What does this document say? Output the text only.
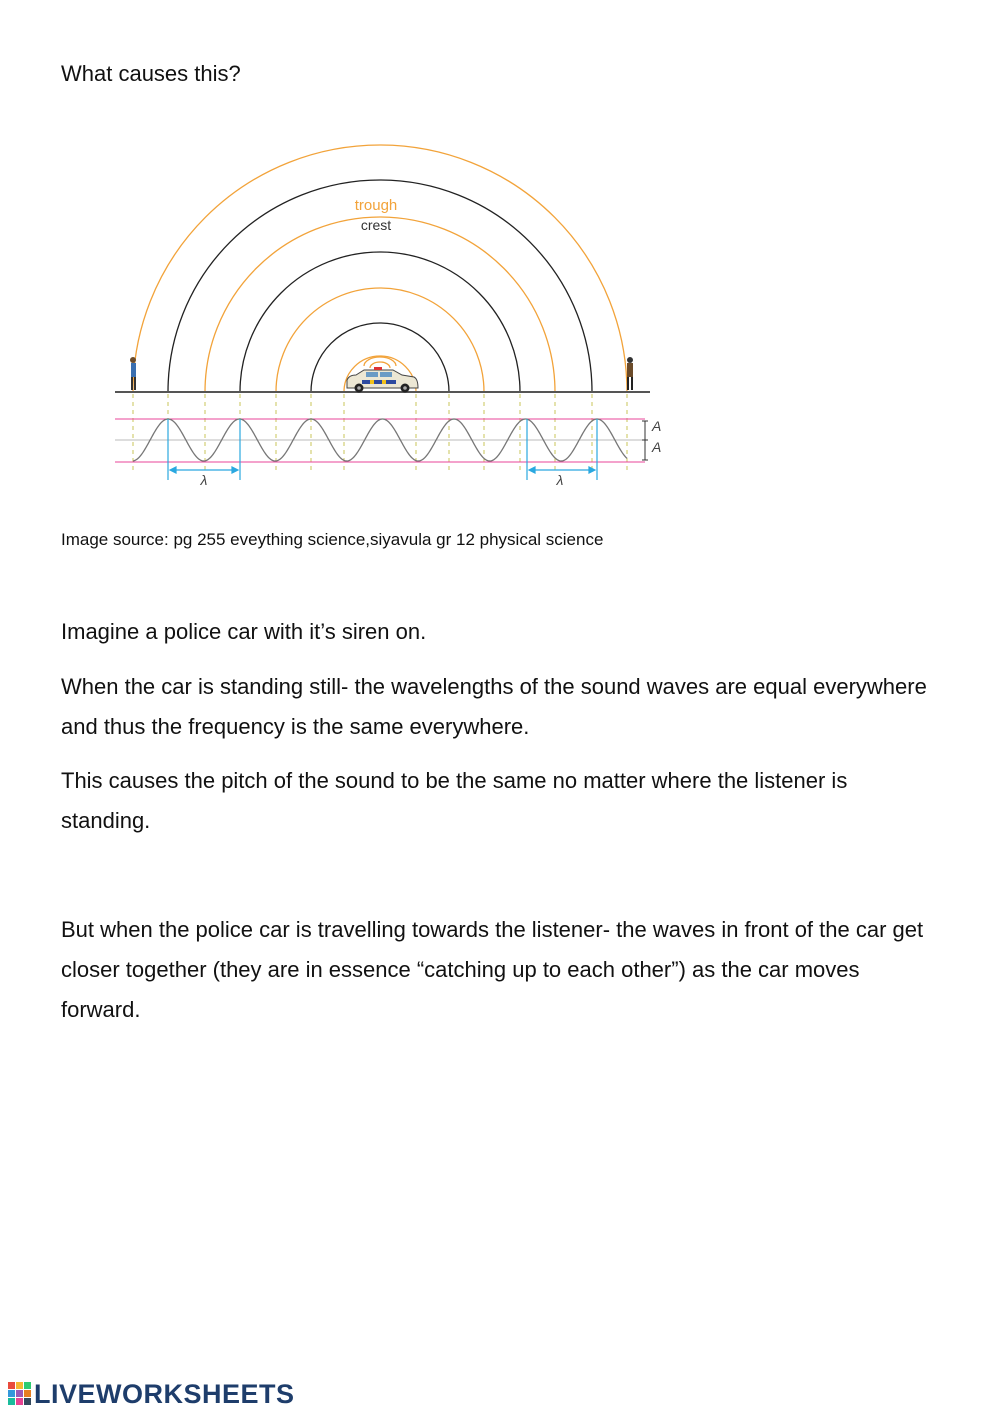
What causes this?
trough
crest
λ	λ
A
A

Image source: pg 255 eveything science,siyavula gr 12 physical science

Imagine a police car with it’s siren on.

When the car is standing still- the wavelengths of the sound waves are equal everywhere and thus the frequency is the same everywhere.

This causes the pitch of the sound to be the same no matter where the listener is standing.

But when the police car is travelling towards the listener- the waves in front of the car get closer together (they are in essence “catching up to each other”) as the car moves forward.

LIVEWORKSHEETS
